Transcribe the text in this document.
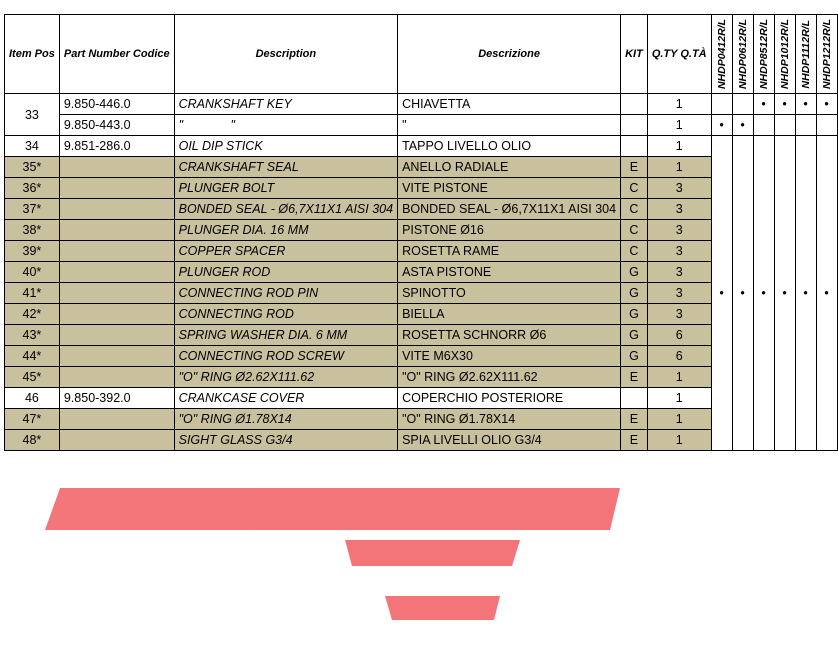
Item Pos	Part Number Codice	Description	Descrizione	KIT	Q.TY Q.TÀ	NHDP0412R/L	NHDP0612R/L	NHDP8512R/L	NHDP1012R/L	NHDP1112R/L	NHDP1212R/L

33	9.850-446.0	CRANKSHAFT KEY	CHIAVETTA		1			•	•	•	•
	9.850-443.0	" "	"		1	•	•				
34	9.851-286.0	OIL DIP STICK	TAPPO LIVELLO OLIO		1	•	•	•	•	•	•
35*		CRANKSHAFT SEAL	ANELLO RADIALE	E	1						
36*		PLUNGER BOLT	VITE PISTONE	C	3						
37*		BONDED SEAL - Ø6,7X11X1 AISI 304	BONDED SEAL - Ø6,7X11X1 AISI 304	C	3						
38*		PLUNGER DIA. 16 MM	PISTONE Ø16	C	3						
39*		COPPER SPACER	ROSETTA RAME	C	3						
40*		PLUNGER ROD	ASTA PISTONE	G	3						
41*		CONNECTING ROD PIN	SPINOTTO	G	3						
42*		CONNECTING ROD	BIELLA	G	3						
43*		SPRING WASHER DIA. 6 MM	ROSETTA SCHNORR Ø6	G	6						
44*		CONNECTING ROD SCREW	VITE M6X30	G	6						
45*		"O" RING Ø2.62X111.62	"O" RING Ø2.62X111.62	E	1						
46	9.850-392.0	CRANKCASE COVER	COPERCHIO POSTERIORE		1						
47*		"O" RING Ø1.78X14	"O" RING Ø1.78X14	E	1						
48*		SIGHT GLASS G3/4	SPIA LIVELLI OLIO G3/4	E	1						
